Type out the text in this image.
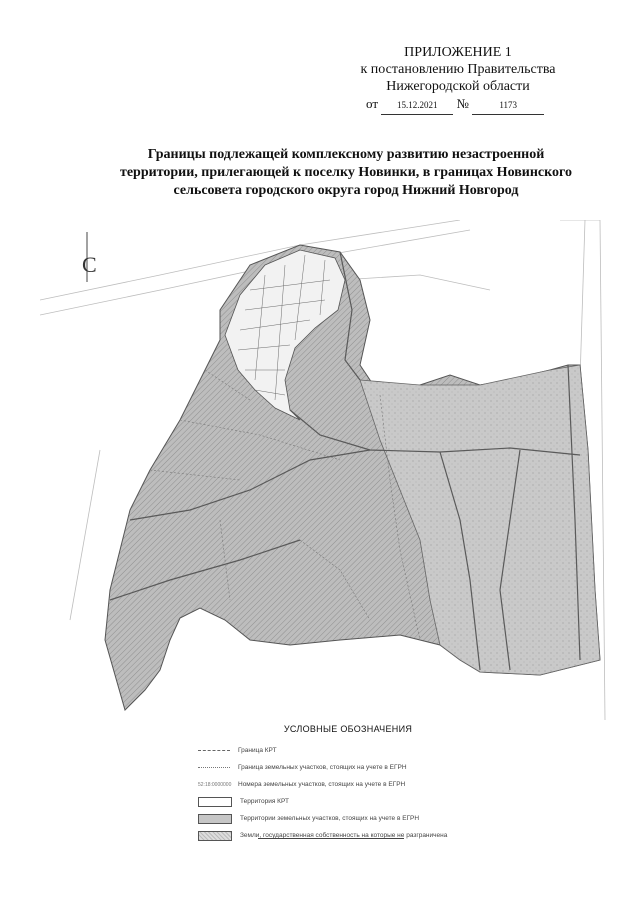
ПРИЛОЖЕНИЕ 1
к постановлению Правительства
Нижегородской области
от 15.12.2021 №	1173
Границы подлежащей комплексному развитию незастроенной
территории, прилегающей к поселку Новинки, в границах Новинского
сельсовета городского округа город Нижний Новгород
С
УСЛОВНЫЕ ОБОЗНАЧЕНИЯ
Граница КРТ
Граница земельных участков, стоящих на учете в ЕГРН
52:18:0000000 Номера земельных участков, стоящих на учете в ЕГРН
Территория КРТ
Территории земельных участков, стоящих на учете в ЕГРН
Земли, государственная собственность на которые не разграничена
